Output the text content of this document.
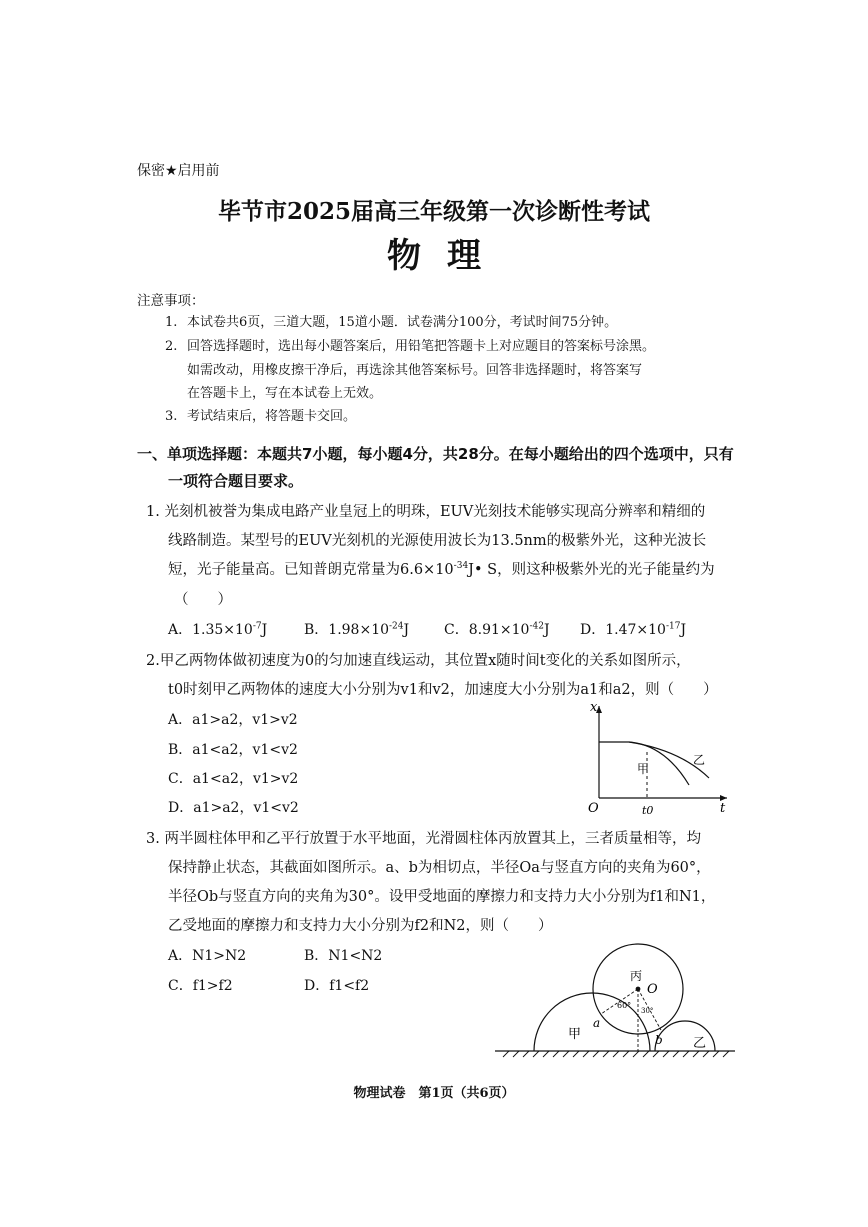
保密★启用前
毕节市2025届高三年级第一次诊断性考试
物理
注意事项：
1. 本试卷共6页，三道大题，15道小题．试卷满分100分，考试时间75分钟。
2. 回答选择题时，选出每小题答案后，用铅笔把答题卡上对应题目的答案标号涂黑。
如需改动，用橡皮擦干净后，再选涂其他答案标号。回答非选择题时，将答案写
在答题卡上，写在本试卷上无效。
3. 考试结束后，将答题卡交回。
一、单项选择题：本题共7小题，每小题4分，共28分。在每小题给出的四个选项中，只有
一项符合题目要求。
1. 光刻机被誉为集成电路产业皇冠上的明珠，EUV光刻技术能够实现高分辨率和精细的
线路制造。某型号的EUV光刻机的光源使用波长为13.5nm的极紫外光，这种光波长
短，光子能量高。已知普朗克常量为$6.6\times 10^{-34}J•$ S，则这种极紫外光的光子能量约为
（　　）
A．$1.35\times 10^{-7}J$	B．$1.98\times 10^{-24}J$ C．$8.91\times 10^{-42}J$ D．$1.47\times 10^{-17}J$
2.甲乙两物体做初速度为0的匀加速直线运动，其位置x随时间t变化的关系如图所示，
t0时刻甲乙两物体的速度大小分别为v1和v2，加速度大小分别为a1和a2，则（　　）
A．a1>a2，v1>v2
B．a1<a2，v1<v2
C．a1<a2，v1>v2
D．a1>a2，v1<v2
x
t
O	t0
甲
乙
3. 两半圆柱体甲和乙平行放置于水平地面，光滑圆柱体丙放置其上，三者质量相等，均
保持静止状态，其截面如图所示。a、b为相切点，半径Oa与竖直方向的夹角为60°，
半径Ob与竖直方向的夹角为30°。设甲受地面的摩擦力和支持力大小分别为f1和N1，
乙受地面的摩擦力和支持力大小分别为f2和N2，则（　　）
A．N1>N2	B．N1<N2
C．f1>f2	D．f1<f2
丙
O
甲
乙
a
b
60°
30°
物理试卷　第1页（共6页）
